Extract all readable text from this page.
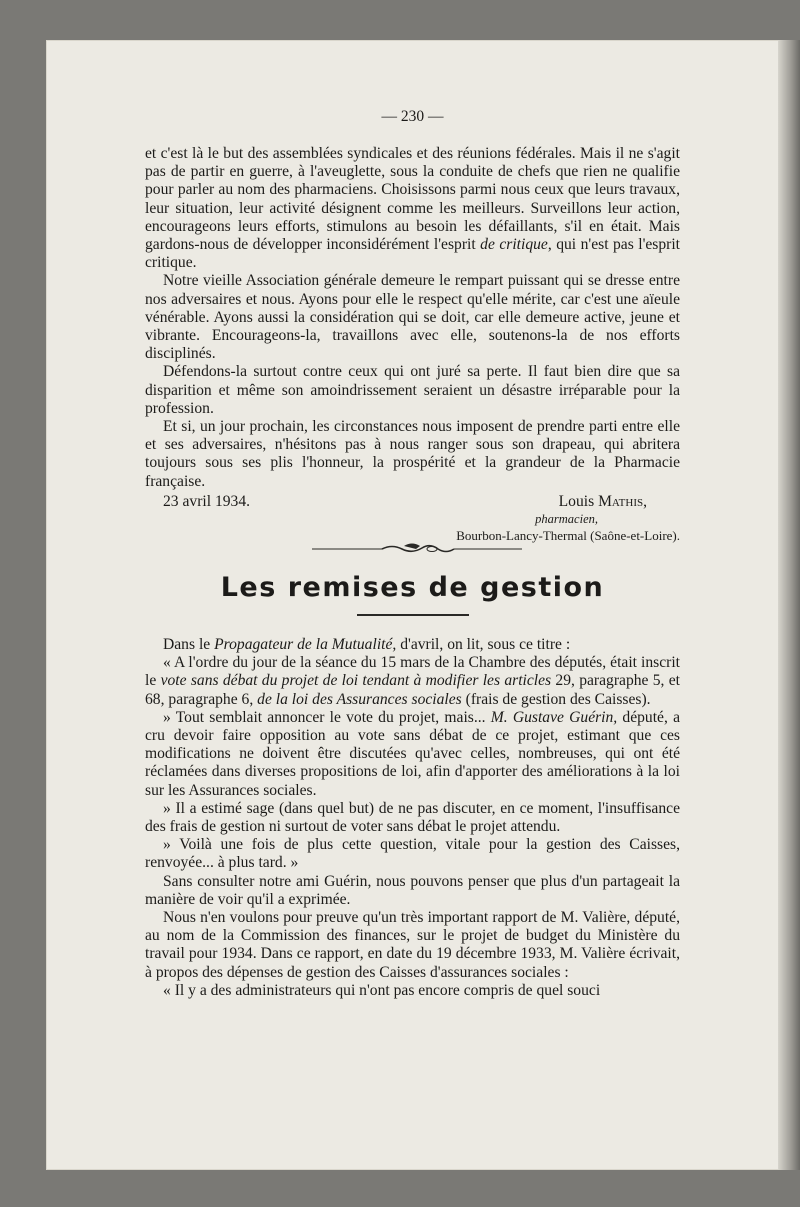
— 230 —

et c'est là le but des assemblées syndicales et des réunions fédérales. Mais il ne s'agit pas de partir en guerre, à l'aveuglette, sous la conduite de chefs que rien ne qualifie pour parler au nom des pharmaciens. Choisissons parmi nous ceux que leurs travaux, leur situation, leur activité désignent comme les meilleurs. Surveillons leur action, encourageons leurs efforts, stimulons au besoin les défaillants, s'il en était. Mais gardons-nous de développer inconsidérément l'esprit de critique, qui n'est pas l'esprit critique.

Notre vieille Association générale demeure le rempart puissant qui se dresse entre nos adversaires et nous. Ayons pour elle le respect qu'elle mérite, car c'est une aïeule vénérable. Ayons aussi la considération qui se doit, car elle demeure active, jeune et vibrante. Encourageons-la, travaillons avec elle, soutenons-la de nos efforts disciplinés.

Défendons-la surtout contre ceux qui ont juré sa perte. Il faut bien dire que sa disparition et même son amoindrissement seraient un désastre irréparable pour la profession.

Et si, un jour prochain, les circonstances nous imposent de prendre parti entre elle et ses adversaires, n'hésitons pas à nous ranger sous son drapeau, qui abritera toujours sous ses plis l'honneur, la prospérité et la grandeur de la Pharmacie française.

23 avril 1934.	Louis Mathis,
pharmacien,
Bourbon-Lancy-Thermal (Saône-et-Loire).
Les remises de gestion

Dans le Propagateur de la Mutualité, d'avril, on lit, sous ce titre :

« A l'ordre du jour de la séance du 15 mars de la Chambre des députés, était inscrit le vote sans débat du projet de loi tendant à modifier les articles 29, paragraphe 5, et 68, paragraphe 6, de la loi des Assurances sociales (frais de gestion des Caisses).

» Tout semblait annoncer le vote du projet, mais... M. Gustave Guérin, député, a cru devoir faire opposition au vote sans débat de ce projet, estimant que ces modifications ne doivent être discutées qu'avec celles, nombreuses, qui ont été réclamées dans diverses propositions de loi, afin d'apporter des améliorations à la loi sur les Assurances sociales.

» Il a estimé sage (dans quel but) de ne pas discuter, en ce moment, l'insuffisance des frais de gestion ni surtout de voter sans débat le projet attendu.

» Voilà une fois de plus cette question, vitale pour la gestion des Caisses, renvoyée... à plus tard. »

Sans consulter notre ami Guérin, nous pouvons penser que plus d'un partageait la manière de voir qu'il a exprimée.

Nous n'en voulons pour preuve qu'un très important rapport de M. Valière, député, au nom de la Commission des finances, sur le projet de budget du Ministère du travail pour 1934. Dans ce rapport, en date du 19 décembre 1933, M. Valière écrivait, à propos des dépenses de gestion des Caisses d'assurances sociales :

« Il y a des administrateurs qui n'ont pas encore compris de quel souci
